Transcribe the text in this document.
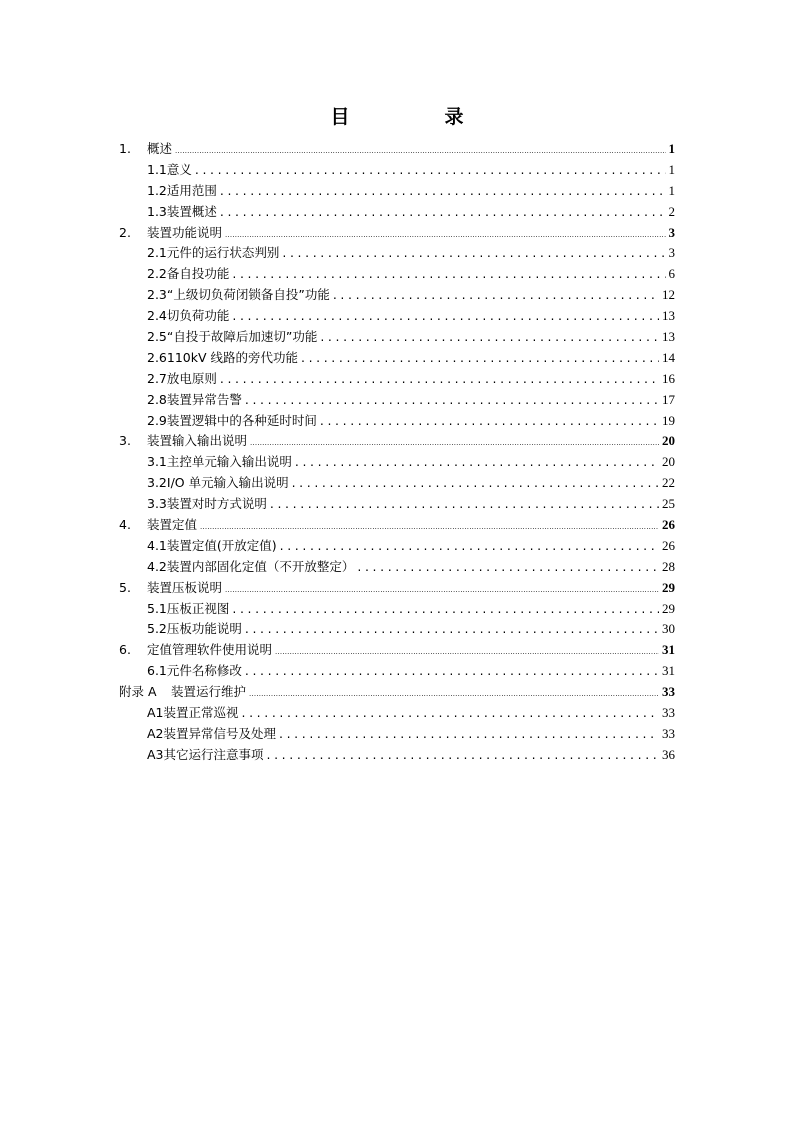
目　录
1.	概述 .....	1
1.1 意义 .....	1
1.2 适用范围 .....	1
1.3 装置概述 .....	2
2.	装置功能说明 .....	3
2.1 元件的运行状态判别 .....	3
2.2 备自投功能 .....	6
2.3 “上级切负荷闭锁备自投”功能 .....	12
2.4 切负荷功能 .....	13
2.5 “自投于故障后加速切”功能 .....	13
2.6 110kV 线路的旁代功能 .....	14
2.7 放电原则 .....	16
2.8 装置异常告警 .....	17
2.9 装置逻辑中的各种延时时间 .....	19
3.	装置输入输出说明 .....	20
3.1 主控单元输入输出说明 .....	20
3.2 I/O 单元输入输出说明 .....	22
3.3 装置对时方式说明 .....	25
4.	装置定值 .....	26
4.1 装置定值(开放定值) .....	26
4.2 装置内部固化定值（不开放整定） .....	28
5.	装置压板说明 .....	29
5.1 压板正视图 .....	29
5.2 压板功能说明 .....	30
6.	定值管理软件使用说明 .....	31
6.1 元件名称修改 .....	31
附录 A	装置运行维护 .....	33
A1 装置正常巡视 .....	33
A2 装置异常信号及处理 .....	33
A3 其它运行注意事项 .....	36
